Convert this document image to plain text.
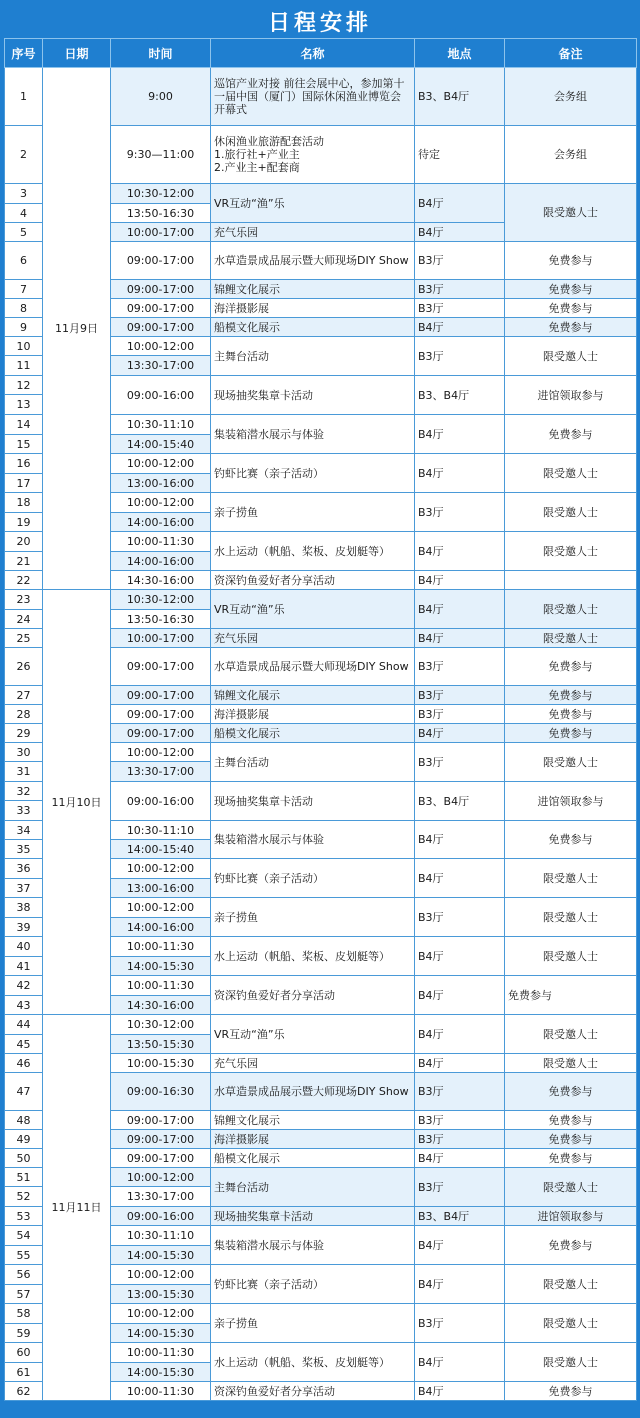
日程安排
序号	日期	时间	名称	地点	备注
1	11月9日	9:00	巡馆产业对接 前往会展中心，参加第十一届中国（厦门）国际休闲渔业博览会开幕式	B3、B4厅	会务组
2		9:30—11:00	休闲渔业旅游配套活动
1.旅行社+产业主
2.产业主+配套商	待定	会务组
3		10:30-12:00	VR互动“渔”乐	B4厅	限受邀人士
4		13:50-16:30			
5		10:00-17:00	充气乐园	B4厅	
6		09:00-17:00	水草造景成品展示暨大师现场DIY Show	B3厅	免费参与
7		09:00-17:00	锦鲤文化展示	B3厅	免费参与
8		09:00-17:00	海洋摄影展	B3厅	免费参与
9		09:00-17:00	船模文化展示	B4厅	免费参与
10		10:00-12:00	主舞台活动	B3厅	限受邀人士
11		13:30-17:00			
12		09:00-16:00	现场抽奖集章卡活动	B3、B4厅	进馆领取参与
13					
14		10:30-11:10	集装箱潜水展示与体验	B4厅	免费参与
15		14:00-15:40			
16		10:00-12:00	钓虾比赛（亲子活动）	B4厅	限受邀人士
17		13:00-16:00			
18		10:00-12:00	亲子捞鱼	B3厅	限受邀人士
19		14:00-16:00			
20		10:00-11:30	水上运动（帆船、桨板、皮划艇等）	B4厅	限受邀人士
21		14:00-16:00			
22		14:30-16:00	资深钓鱼爱好者分享活动	B4厅	
23	11月10日	10:30-12:00	VR互动“渔”乐	B4厅	限受邀人士
24		13:50-16:30			
25		10:00-17:00	充气乐园	B4厅	限受邀人士
26		09:00-17:00	水草造景成品展示暨大师现场DIY Show	B3厅	免费参与
27		09:00-17:00	锦鲤文化展示	B3厅	免费参与
28		09:00-17:00	海洋摄影展	B3厅	免费参与
29		09:00-17:00	船模文化展示	B4厅	免费参与
30		10:00-12:00	主舞台活动	B3厅	限受邀人士
31		13:30-17:00			
32		09:00-16:00	现场抽奖集章卡活动	B3、B4厅	进馆领取参与
33					
34		10:30-11:10	集装箱潜水展示与体验	B4厅	免费参与
35		14:00-15:40			
36		10:00-12:00	钓虾比赛（亲子活动）	B4厅	限受邀人士
37		13:00-16:00			
38		10:00-12:00	亲子捞鱼	B3厅	限受邀人士
39		14:00-16:00			
40		10:00-11:30	水上运动（帆船、桨板、皮划艇等）	B4厅	限受邀人士
41		14:00-15:30			
42		10:00-11:30	资深钓鱼爱好者分享活动	B4厅	免费参与
43		14:30-16:00			
44	11月11日	10:30-12:00	VR互动“渔”乐	B4厅	限受邀人士
45		13:50-15:30			
46		10:00-15:30	充气乐园	B4厅	限受邀人士
47		09:00-16:30	水草造景成品展示暨大师现场DIY Show	B3厅	免费参与
48		09:00-17:00	锦鲤文化展示	B3厅	免费参与
49		09:00-17:00	海洋摄影展	B3厅	免费参与
50		09:00-17:00	船模文化展示	B4厅	免费参与
51		10:00-12:00	主舞台活动	B3厅	限受邀人士
52		13:30-17:00			
53		09:00-16:00	现场抽奖集章卡活动	B3、B4厅	进馆领取参与
54		10:30-11:10	集装箱潜水展示与体验	B4厅	免费参与
55		14:00-15:30			
56		10:00-12:00	钓虾比赛（亲子活动）	B4厅	限受邀人士
57		13:00-15:30			
58		10:00-12:00	亲子捞鱼	B3厅	限受邀人士
59		14:00-15:30			
60		10:00-11:30	水上运动（帆船、桨板、皮划艇等）	B4厅	限受邀人士
61		14:00-15:30			
62		10:00-11:30	资深钓鱼爱好者分享活动	B4厅	免费参与
